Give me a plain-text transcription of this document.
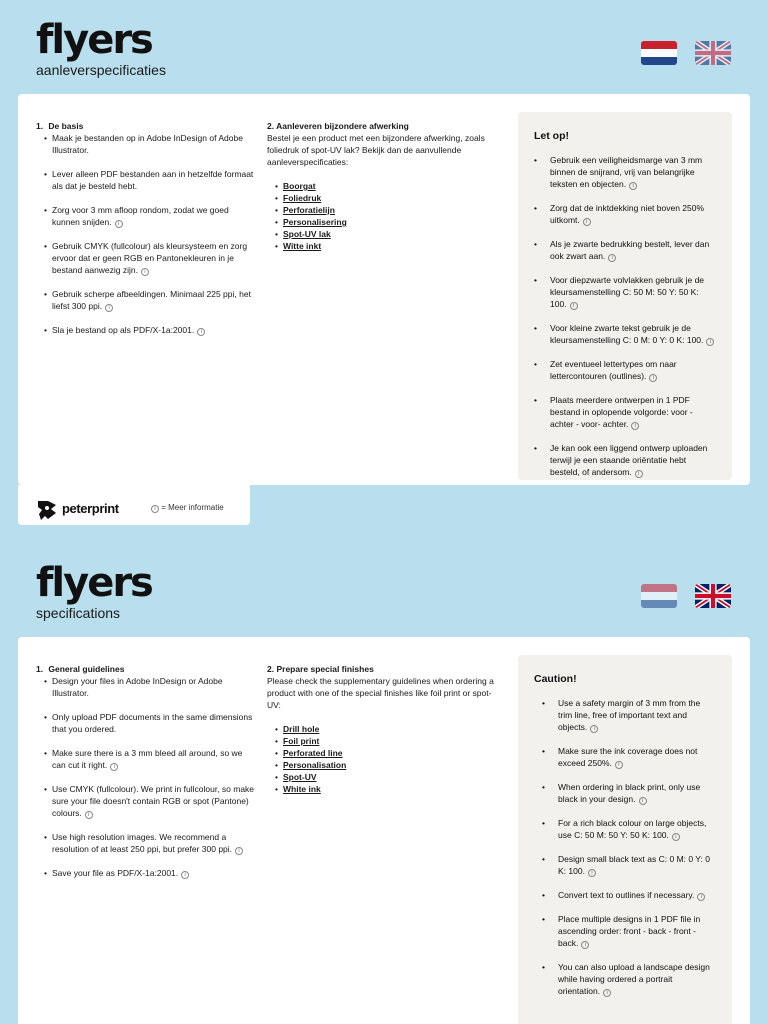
flyers
aanleverspecificaties
1. De basis
• Maak je bestanden op in Adobe InDesign of Adobe Illustrator.
• Lever alleen PDF bestanden aan in hetzelfde formaat als dat je besteld hebt.
• Zorg voor 3 mm afloop rondom, zodat we goed kunnen snijden. i
• Gebruik CMYK (fullcolour) als kleursysteem en zorg ervoor dat er geen RGB en Pantonekleuren in je bestand aanwezig zijn. i
• Gebruik scherpe afbeeldingen. Minimaal 225 ppi, het liefst 300 ppi. i
• Sla je bestand op als PDF/X-1a:2001. i
2. Aanleveren bijzondere afwerking
Bestel je een product met een bijzondere afwerking, zoals foliedruk of spot-UV lak? Bekijk dan de aanvullende aanleverspecificaties:
• Boorgat
• Foliedruk
• Perforatielijn
• Personalisering
• Spot-UV lak
• Witte inkt
Let op!
• Gebruik een veiligheidsmarge van 3 mm binnen de snijrand, vrij van belangrijke teksten en objecten. i
• Zorg dat de inktdekking niet boven 250% uitkomt. i
• Als je zwarte bedrukking bestelt, lever dan ook zwart aan. i
• Voor diepzwarte volvlakken gebruik je de kleursamenstelling C: 50 M: 50 Y: 50 K: 100. i
• Voor kleine zwarte tekst gebruik je de kleursamenstelling C: 0 M: 0 Y: 0 K: 100. i
• Zet eventueel lettertypes om naar lettercontouren (outlines). i
• Plaats meerdere ontwerpen in 1 PDF bestand in oplopende volgorde: voor - achter - voor- achter. i
• Je kan ook een liggend ontwerp uploaden terwijl je een staande oriëntatie hebt besteld, of andersom. i
peterprint	i = Meer informatie
flyers
specifications
1. General guidelines
• Design your files in Adobe InDesign or Adobe Illustrator.
• Only upload PDF documents in the same dimensions that you ordered.
• Make sure there is a 3 mm bleed all around, so we can cut it right. i
• Use CMYK (fullcolour). We print in fullcolour, so make sure your file doesn't contain RGB or spot (Pantone) colours. i
• Use high resolution images. We recommend a resolution of at least 250 ppi, but prefer 300 ppi. i
• Save your file as PDF/X-1a:2001. i
2. Prepare special finishes
Please check the supplementary guidelines when ordering a product with one of the special finishes like foil print or spot-UV:
• Drill hole
• Foil print
• Perforated line
• Personalisation
• Spot-UV
• White ink
Caution!
• Use a safety margin of 3 mm from the trim line, free of important text and objects. i
• Make sure the ink coverage does not exceed 250%. i
• When ordering in black print, only use black in your design. i
• For a rich black colour on large objects, use C: 50 M: 50 Y: 50 K: 100. i
• Design small black text as C: 0 M: 0 Y: 0 K: 100. i
• Convert text to outlines if necessary. i
• Place multiple designs in 1 PDF file in ascending order: front - back - front - back. i
• You can also upload a landscape design while having ordered a portrait orientation. i
